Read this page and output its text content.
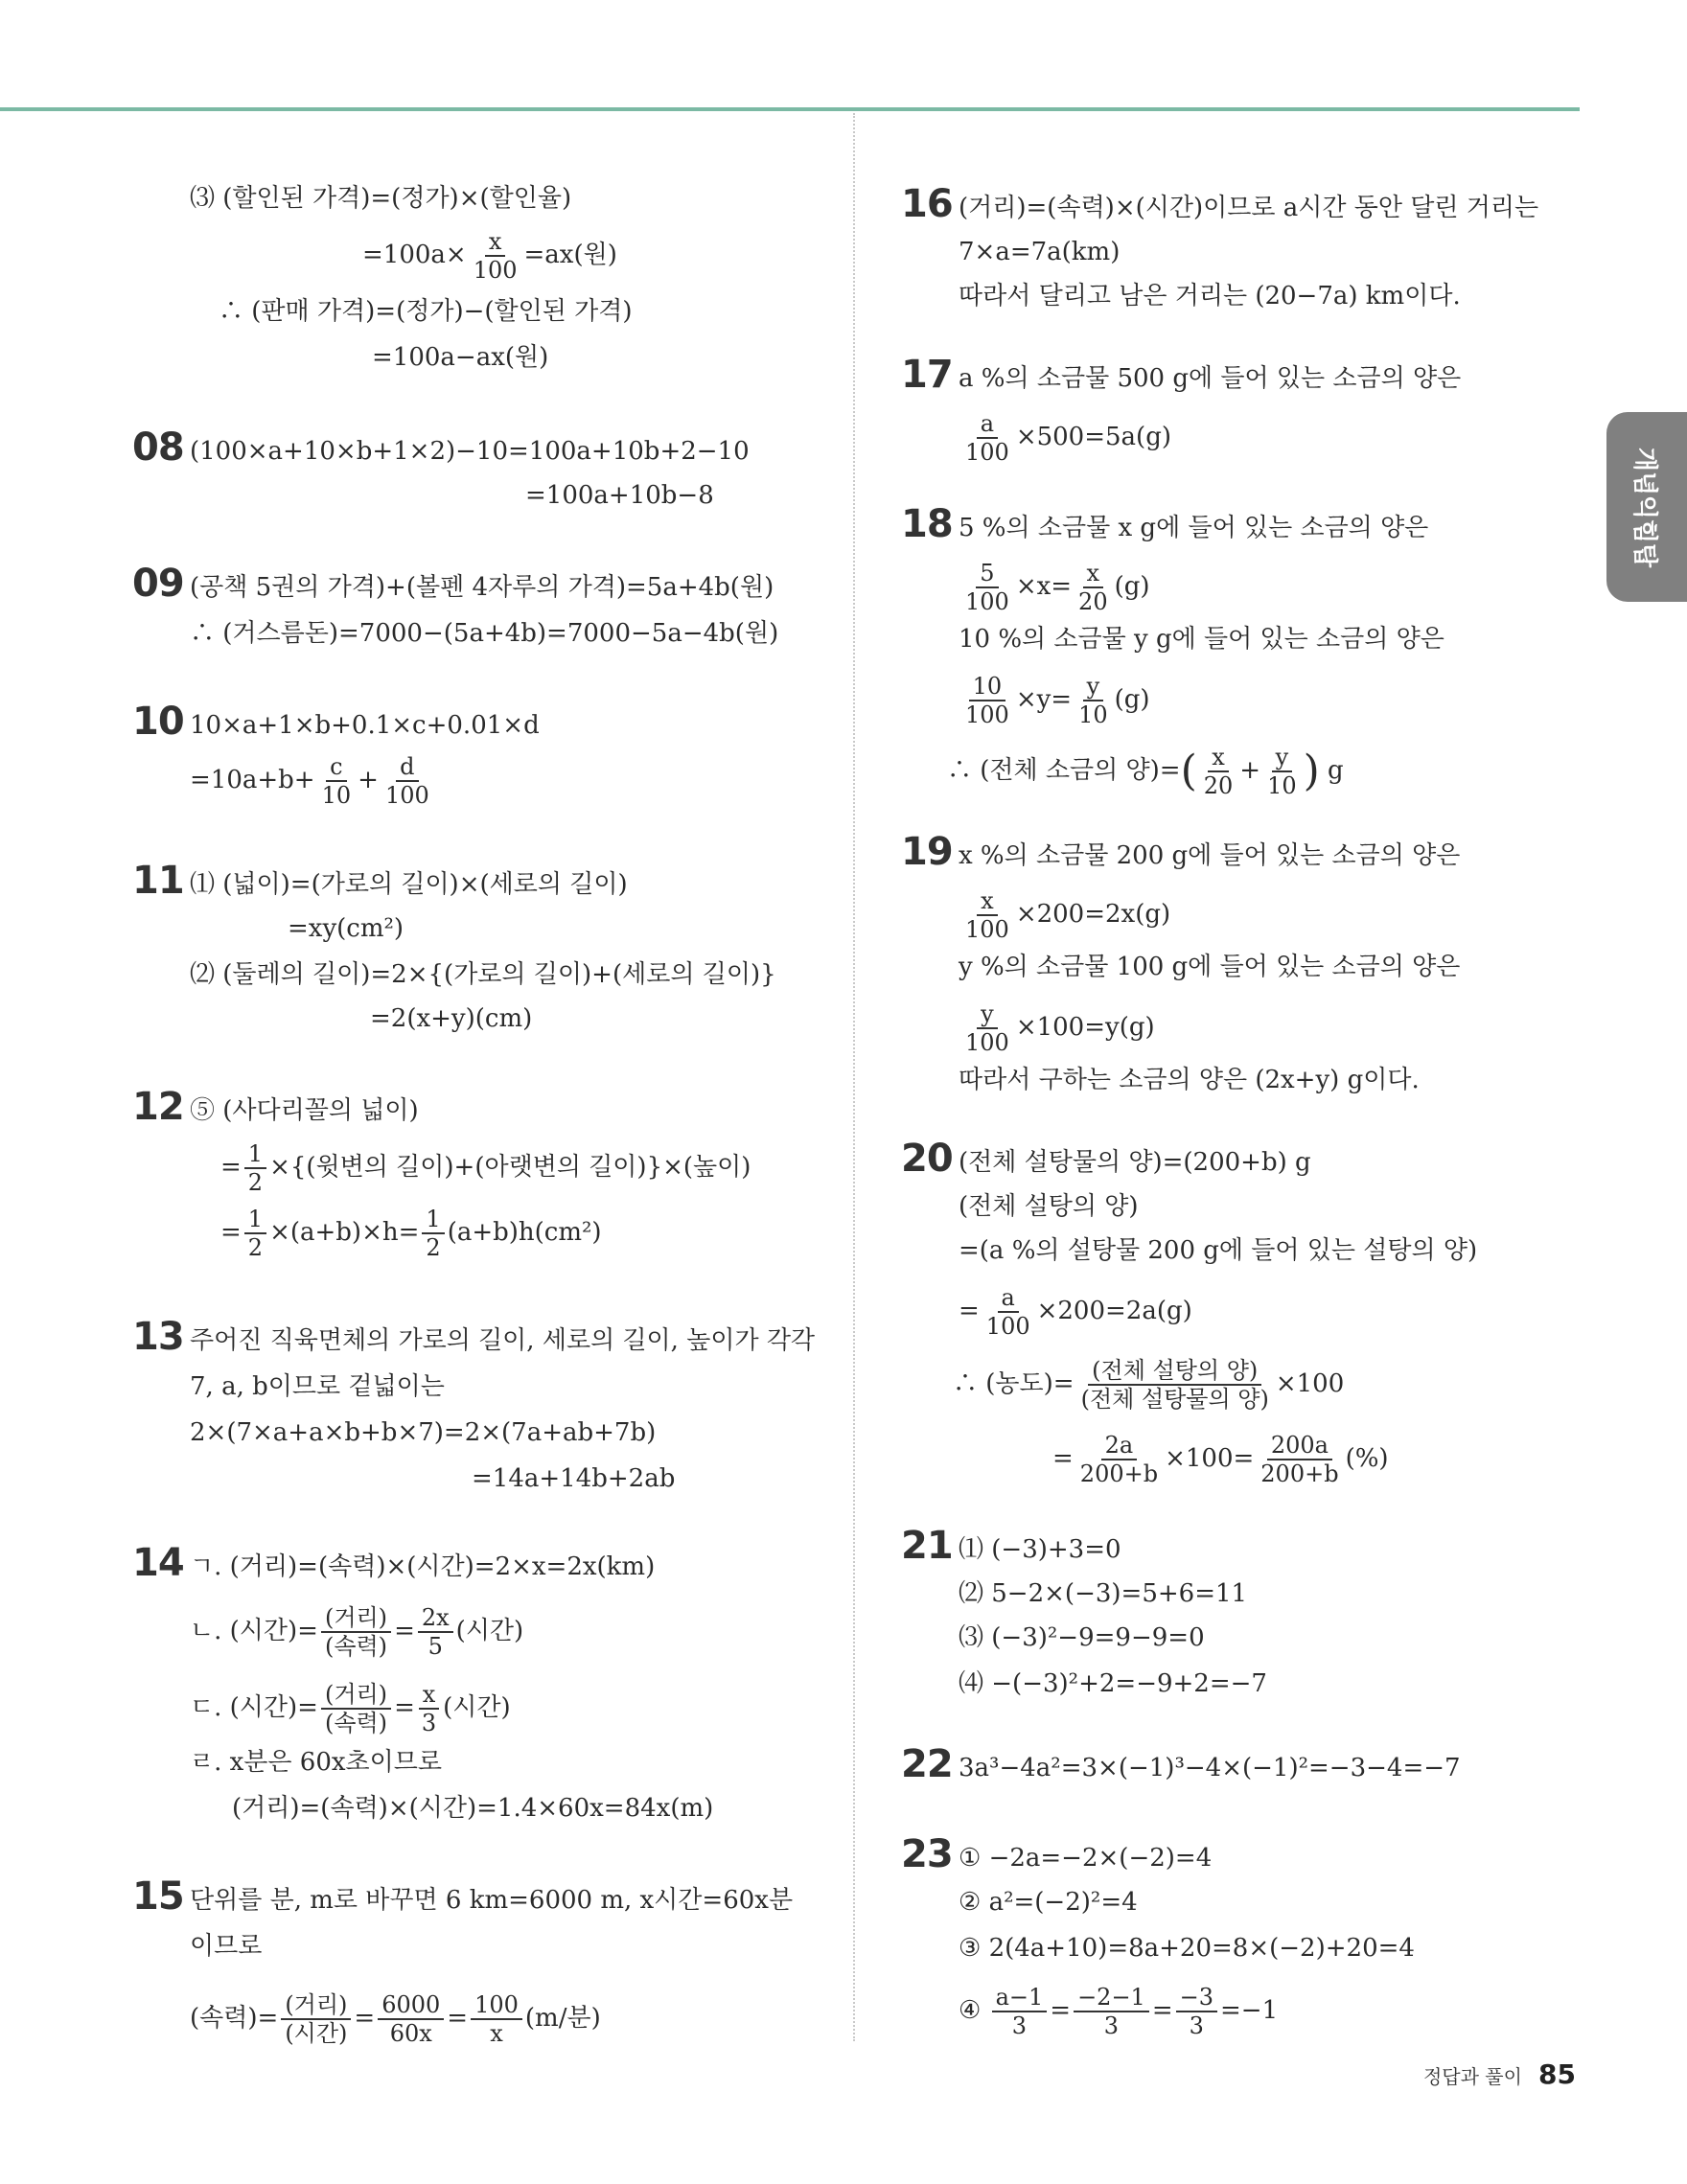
개념익힘탑
⑶ (할인된 가격)=(정가)×(할인율)
$=100a\times \frac{x}{100} =ax$(원)
∴ (판매 가격)=(정가)−(할인된 가격)
=100a−ax(원)
08 (100×a+10×b+1×2)−10=100a+10b+2−10
=100a+10b−8
09 (공책 5권의 가격)+(볼펜 4자루의 가격)=5a+4b(원)
∴ (거스름돈)=7000−(5a+4b)=7000−5a−4b(원)
10 10×a+1×b+0.1×c+0.01×d
$=10a+b+ \frac{c}{10} + \frac{d}{100}$
11 ⑴ (넓이)=(가로의 길이)×(세로의 길이)
=xy(cm²)
⑵ (둘레의 길이)=2×{(가로의 길이)+(세로의 길이)}
=2(x+y)(cm)
12 ⑤ (사다리꼴의 넓이)
= $\frac{1}{2}$ ×{(윗변의 길이)+(아랫변의 길이)}×(높이)
= $\frac{1}{2} \times(a+b)\times h= \frac{1}{2} (a+b)h(cm^2)$
13 주어진 직육면체의 가로의 길이, 세로의 길이, 높이가 각각
7, a, b이므로 겉넓이는
2×(7×a+a×b+b×7)=2×(7a+ab+7b)
=14a+14b+2ab
14 ㄱ. (거리)=(속력)×(시간)=2×x=2x(km)
ㄴ. (시간)= $\frac{\text{(거리)}}{\text{(속력)}} = \frac{2x}{5}$ (시간)
ㄷ. (시간)= $\frac{\text{(거리)}}{\text{(속력)}} = \frac{x}{3}$ (시간)
ㄹ. x분은 60x초이므로
(거리)=(속력)×(시간)=1.4×60x=84x(m)
15 단위를 분, m로 바꾸면 6 km=6000 m, x시간=60x분
이므로
(속력)= $\frac{\text{(거리)}}{\text{(시간)}} = \frac{6000}{60x} = \frac{100}{x} (m/$분)
16 (거리)=(속력)×(시간)이므로 a시간 동안 달린 거리는
7×a=7a(km)
따라서 달리고 남은 거리는 (20−7a) km이다.
17 a %의 소금물 500 g에 들어 있는 소금의 양은
$\frac{a}{100} \times 500=5a(g)$
18 5 %의 소금물 x g에 들어 있는 소금의 양은
$\frac{5}{100} \times x= \frac{x}{20} (g)$
10 %의 소금물 y g에 들어 있는 소금의 양은
$\frac{10}{100} \times y= \frac{y}{10} (g)$
∴ (전체 소금의 양)=( $\frac{x}{20} + \frac{y}{10}$ ) g
19 x %의 소금물 200 g에 들어 있는 소금의 양은
$\frac{x}{100} \times 200=2x(g)$
y %의 소금물 100 g에 들어 있는 소금의 양은
$\frac{y}{100} \times 100=y(g)$
따라서 구하는 소금의 양은 (2x+y) g이다.
20 (전체 설탕물의 양)=(200+b) g
(전체 설탕의 양)
=(a %의 설탕물 200 g에 들어 있는 설탕의 양)
= $\frac{a}{100} \times 200=2a(g)$
∴ (농도)= $\frac{\text{(전체 설탕의 양)}}{\text{(전체 설탕물의 양)}} \times 100$
= $\frac{2a}{200+b} \times 100= \frac{200a}{200+b}$ (%)
21 ⑴ (−3)+3=0
⑵ 5−2×(−3)=5+6=11
⑶ (−3)²−9=9−9=0
⑷ −(−3)²+2=−9+2=−7
22 3a³−4a²=3×(−1)³−4×(−1)²=−3−4=−7
23 ① −2a=−2×(−2)=4
② a²=(−2)²=4
③ 2(4a+10)=8a+20=8×(−2)+20=4
④ $\frac{a-1}{3} = \frac{-2-1}{3} = \frac{-3}{3} =-1$
정답과 풀이 85
